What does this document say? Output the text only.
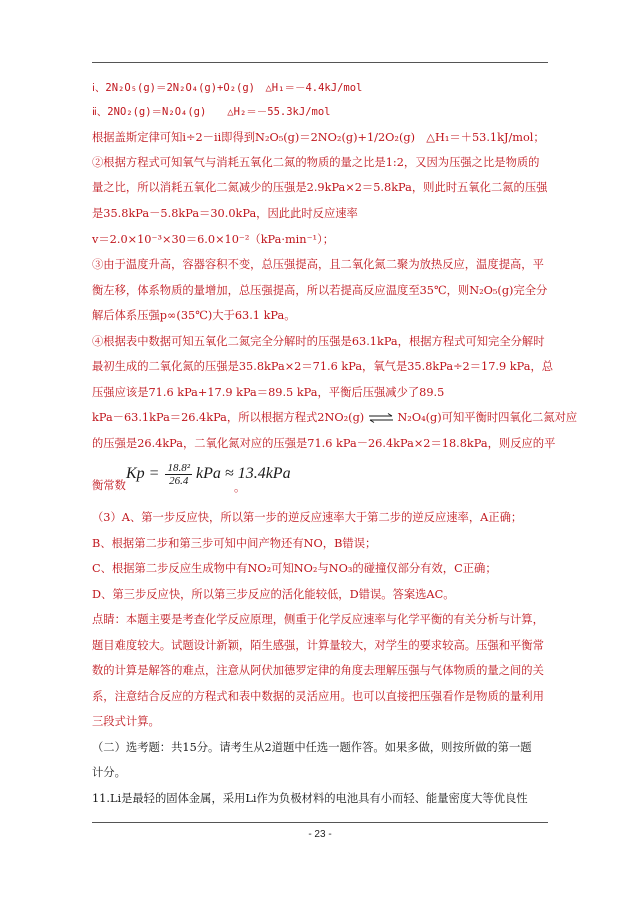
ⅰ、2N₂O₅(g)＝2N₂O₄(g)+O₂(g)　△H₁＝－4.4kJ/mol
ⅱ、2NO₂(g)＝N₂O₄(g)　　△H₂＝－55.3kJ/mol
根据盖斯定律可知ⅰ÷2－ⅱ即得到N₂O₅(g)＝2NO₂(g)+1/2O₂(g)　△H₁＝＋53.1kJ/mol；
②根据方程式可知氧气与消耗五氧化二氮的物质的量之比是1:2，又因为压强之比是物质的
量之比，所以消耗五氧化二氮减少的压强是2.9kPa×2＝5.8kPa，则此时五氧化二氮的压强
是35.8kPa－5.8kPa＝30.0kPa，因此此时反应速率
v＝2.0×10⁻³×30＝6.0×10⁻²（kPa·min⁻¹）；
③由于温度升高，容器容积不变，总压强提高，且二氧化氮二聚为放热反应，温度提高，平
衡左移，体系物质的量增加，总压强提高，所以若提高反应温度至35℃，则N₂O₅(g)完全分
解后体系压强p∞(35℃)大于63.1 kPa。
④根据表中数据可知五氧化二氮完全分解时的压强是63.1kPa，根据方程式可知完全分解时
最初生成的二氧化氮的压强是35.8kPa×2＝71.6 kPa，氧气是35.8kPa÷2＝17.9 kPa，总
压强应该是71.6 kPa+17.9 kPa＝89.5 kPa，平衡后压强减少了89.5
kPa－63.1kPa＝26.4kPa，所以根据方程式2NO₂(g) ⇌ N₂O₄(g)可知平衡时四氧化二氮对应
的压强是26.4kPa，二氧化氮对应的压强是71.6 kPa－26.4kPa×2＝18.8kPa，则反应的平
衡常数
$Kp = \frac{\text{18.8²}}{26.4}$ kPa ≈ 13.4kPa
。
（3）A、第一步反应快，所以第一步的逆反应速率大于第二步的逆反应速率，A正确；
B、根据第二步和第三步可知中间产物还有NO，B错误；
C、根据第二步反应生成物中有NO₂可知NO₂与NO₃的碰撞仅部分有效，C正确；
D、第三步反应快，所以第三步反应的活化能较低，D错误。答案选AC。
点睛：本题主要是考查化学反应原理，侧重于化学反应速率与化学平衡的有关分析与计算，
题目难度较大。试题设计新颖，陌生感强，计算量较大，对学生的要求较高。压强和平衡常
数的计算是解答的难点，注意从阿伏加德罗定律的角度去理解压强与气体物质的量之间的关
系，注意结合反应的方程式和表中数据的灵活应用。也可以直接把压强看作是物质的量利用
三段式计算。
（二）选考题：共15分。请考生从2道题中任选一题作答。如果多做，则按所做的第一题
计分。
11.Li是最轻的固体金属，采用Li作为负极材料的电池具有小而轻、能量密度大等优良性
- 23 -
